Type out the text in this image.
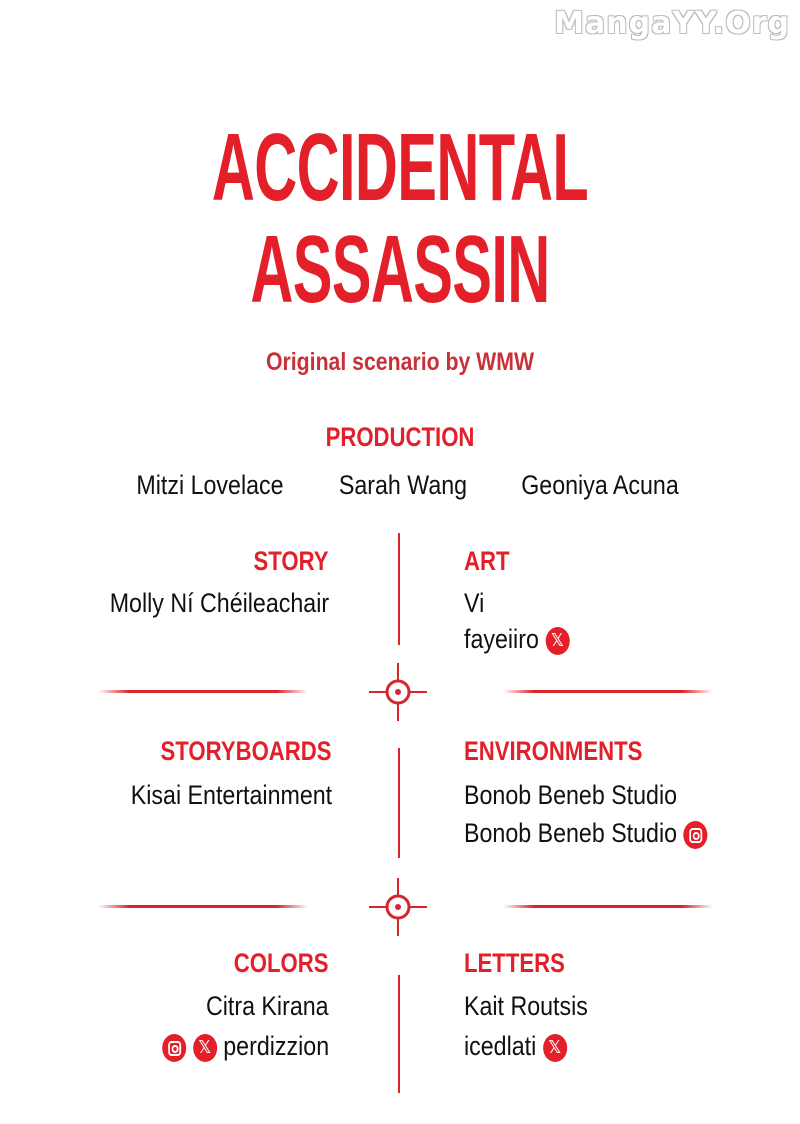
MangaYY.Org
ACCIDENTAL
ASSASSIN
Original scenario by WMW
PRODUCTION
Mitzi Lovelace	Sarah Wang	Geoniya Acuna
STORY
Molly Ní Chéileachair
ART
Vi
fayeiiro 𝕏
STORYBOARDS
Kisai Entertainment
ENVIRONMENTS
Bonob Beneb Studio
Bonob Beneb Studio
COLORS
Citra Kirana
𝕏 perdizzion
LETTERS
Kait Routsis
icedlati 𝕏
